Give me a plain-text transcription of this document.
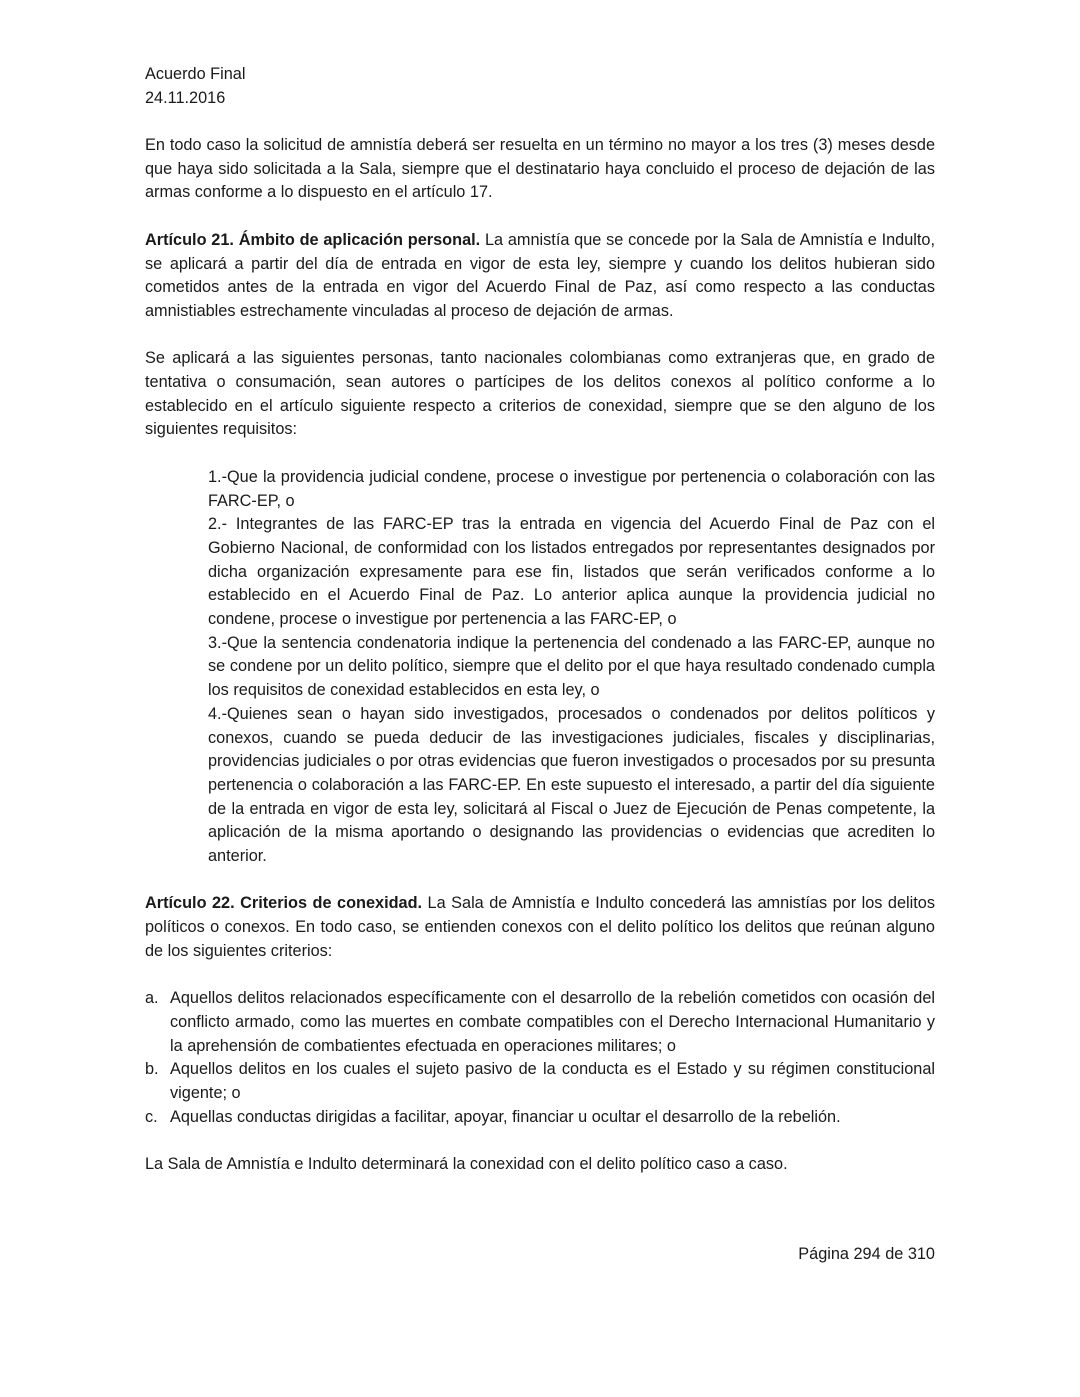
Acuerdo Final
24.11.2016

En todo caso la solicitud de amnistía deberá ser resuelta en un término no mayor a los tres (3) meses desde que haya sido solicitada a la Sala, siempre que el destinatario haya concluido el proceso de dejación de las armas conforme a lo dispuesto en el artículo 17.

Artículo 21. Ámbito de aplicación personal. La amnistía que se concede por la Sala de Amnistía e Indulto, se aplicará a partir del día de entrada en vigor de esta ley, siempre y cuando los delitos hubieran sido cometidos antes de la entrada en vigor del Acuerdo Final de Paz, así como respecto a las conductas amnistiables estrechamente vinculadas al proceso de dejación de armas.

Se aplicará a las siguientes personas, tanto nacionales colombianas como extranjeras que, en grado de tentativa o consumación, sean autores o partícipes de los delitos conexos al político conforme a lo establecido en el artículo siguiente respecto a criterios de conexidad, siempre que se den alguno de los siguientes requisitos:

1.-Que la providencia judicial condene, procese o investigue por pertenencia o colaboración con las FARC-EP, o
2.- Integrantes de las FARC-EP tras la entrada en vigencia del Acuerdo Final de Paz con el Gobierno Nacional, de conformidad con los listados entregados por representantes designados por dicha organización expresamente para ese fin, listados que serán verificados conforme a lo establecido en el Acuerdo Final de Paz. Lo anterior aplica aunque la providencia judicial no condene, procese o investigue por pertenencia a las FARC-EP, o
3.-Que la sentencia condenatoria indique la pertenencia del condenado a las FARC-EP, aunque no se condene por un delito político, siempre que el delito por el que haya resultado condenado cumpla los requisitos de conexidad establecidos en esta ley, o
4.-Quienes sean o hayan sido investigados, procesados o condenados por delitos políticos y conexos, cuando se pueda deducir de las investigaciones judiciales, fiscales y disciplinarias, providencias judiciales o por otras evidencias que fueron investigados o procesados por su presunta pertenencia o colaboración a las FARC-EP. En este supuesto el interesado, a partir del día siguiente de la entrada en vigor de esta ley, solicitará al Fiscal o Juez de Ejecución de Penas competente, la aplicación de la misma aportando o designando las providencias o evidencias que acrediten lo anterior.

Artículo 22. Criterios de conexidad. La Sala de Amnistía e Indulto concederá las amnistías por los delitos políticos o conexos. En todo caso, se entienden conexos con el delito político los delitos que reúnan alguno de los siguientes criterios:

a. Aquellos delitos relacionados específicamente con el desarrollo de la rebelión cometidos con ocasión del conflicto armado, como las muertes en combate compatibles con el Derecho Internacional Humanitario y la aprehensión de combatientes efectuada en operaciones militares; o
b. Aquellos delitos en los cuales el sujeto pasivo de la conducta es el Estado y su régimen constitucional vigente; o
c. Aquellas conductas dirigidas a facilitar, apoyar, financiar u ocultar el desarrollo de la rebelión.

La Sala de Amnistía e Indulto determinará la conexidad con el delito político caso a caso.

Página 294 de 310
